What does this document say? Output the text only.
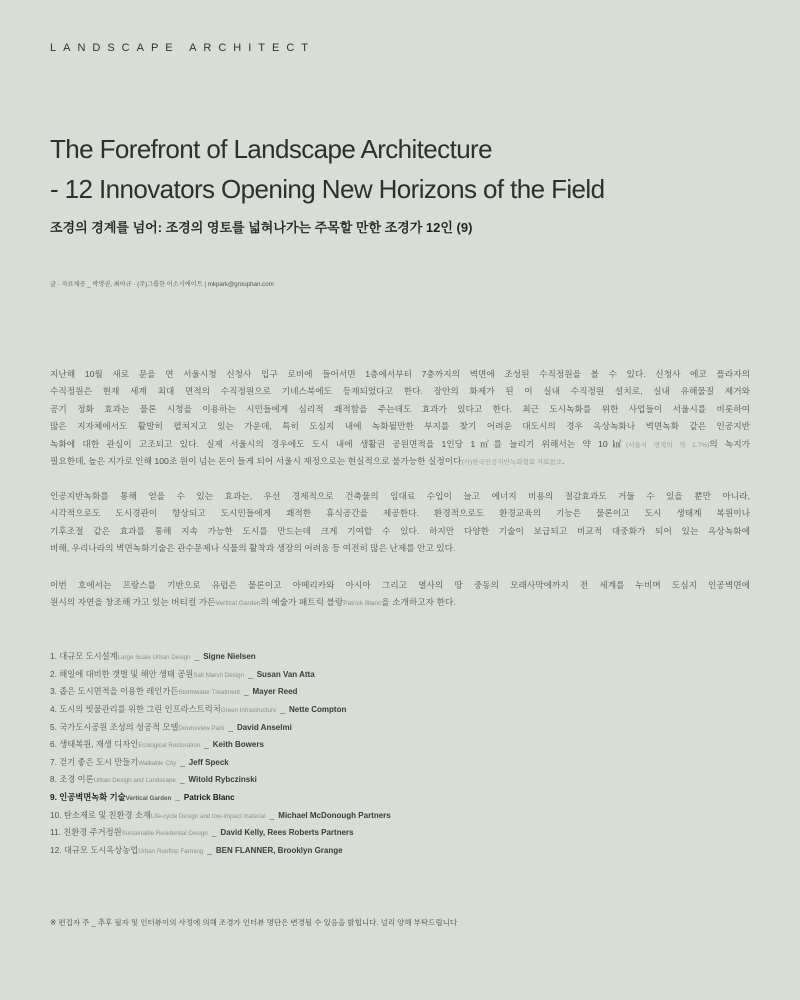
LANDSCAPE ARCHITECT
The Forefront of Landscape Architecture
- 12 Innovators Opening New Horizons of the Field
조경의 경계를 넘어: 조경의 영토를 넓혀나가는 주목할 만한 조경가 12인 (9)
글 · 자료제공 _ 박명권, 최아규 · (주)그룹한 어소시에이트 | mkpark@grouphan.com
지난해 10월 새로 문을 연 서울시청 신청사 입구 로비에 들어서면 1층에서부터 7층까지의 벽면에 조성된 수직정원을 볼 수 있다. 신청사 에코 플라자의
수직정원은 현재 세계 최대 면적의 수직정원으로 기네스북에도 등재되었다고 한다. 장안의 화제가 된 이 실내 수직정원 설치로, 실내 유해물질 제거와
공기 정화 효과는 물론 시청을 이용하는 시민들에게 심리적 쾌적함을 주는데도 효과가 있다고 한다. 최근 도시녹화를 위한 사업들이 서울시를 비롯하여
많은 지자체에서도 활발히 펼쳐지고 있는 가운데, 특히 도심지 내에 녹화될만한 부지를 찾기 어려운 대도시의 경우 옥상녹화나 벽면녹화 같은 인공지반
녹화에 대한 관심이 고조되고 있다. 실제 서울시의 경우에도 도시 내에 생활권 공원면적을 1인당 1㎡를 늘리기 위해서는 약 10㎢(서울시 면적의 약 1.7%)의 녹지가
필요한데, 높은 지가로 인해 100조 원이 넘는 돈이 들게 되어 서울시 재정으로는 현실적으로 불가능한 실정이다(사)한국인공지반녹화협회 자료참조.
인공지반녹화를 통해 얻을 수 있는 효과는, 우선 경제적으로 건축물의 임대료 수입이 늘고 에너지 비용의 절감효과도 거둘 수 있을 뿐만 아니라,
시각적으로도 도시경관이 향상되고 도시민들에게 쾌적한 휴식공간을 제공한다. 환경적으로도 환경교육의 기능은 물론이고 도시 생태계 복원이나
기후조절 같은 효과를 통해 지속 가능한 도시를 만드는데 크게 기여할 수 있다. 하지만 다양한 기술이 보급되고 비교적 대중화가 되어 있는 옥상녹화에
비해, 우리나라의 벽면녹화기술은 관수문제나 식물의 활착과 생장의 어려움 등 여전히 많은 난제를 안고 있다.
이번 호에서는 프랑스를 기반으로 유럽은 물론이고 아메리카와 아시아 그리고 열사의 땅 중동의 모래사막에까지 전 세계를 누비며 도심지 인공벽면에
원시의 자연을 창조해 가고 있는 버티컬 가든Vertical Garden의 예술가 패트릭 블랑Patrick Blanc을 소개하고자 한다.
1. 대규모 도시설계Large Scale Urban Design _ Signe Nielsen
2. 해일에 대비한 갯벌 및 해안 생태 공원Salt Marsh Design _ Susan Van Atta
3. 좁은 도시면적을 이용한 레인가든Stormwater Treatment _ Mayer Reed
4. 도시의 빗물관리를 위한 그린 인프라스트럭처Green Infrastructure _ Nette Compton
5. 국가도시공원 조성의 성공적 모델Downsview Park _ David Anselmi
6. 생태복원, 재생 디자인Ecological Restoration _ Keith Bowers
7. 걷기 좋은 도시 만들기Walkable City _ Jeff Speck
8. 조경 이론Urban Design and Landscape _ Witold Rybczinski
9. 인공벽면녹화 기술Vertical Garden _ Patrick Blanc
10. 탄소제로 및 친환경 소재Life-cycle Design and low-impact material _ Michael McDonough Partners
11. 친환경 주거정원Sustainable Residential Design _ David Kelly, Rees Roberts Partners
12. 대규모 도시옥상농업Urban Rooftop Farming _ BEN FLANNER, Brooklyn Grange
※ 편집자 주 _ 추후 필자 및 인터뷰이의 사정에 의해 조경가 인터뷰 명단은 변경될 수 있음을 밝힙니다. 널리 양해 부탁드립니다
